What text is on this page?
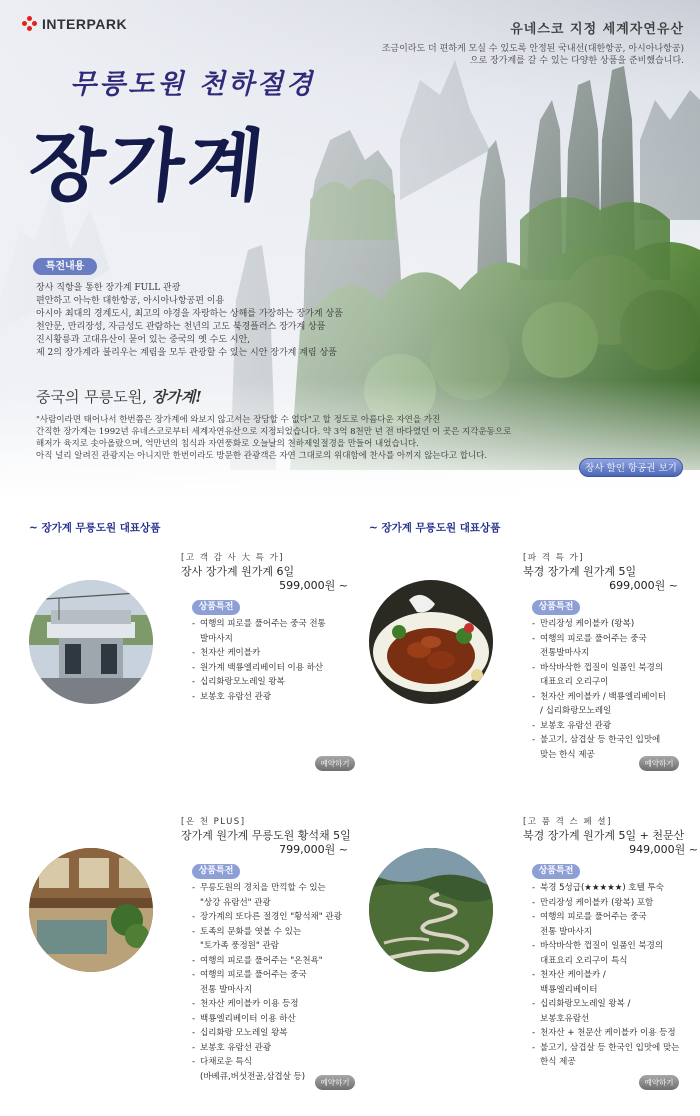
INTERPARK	유네스코 지정 세계자연유산
조금이라도 더 편하게 모실 수 있도록 안정된 국내선(대한항공, 아시아나항공)
으로 장가계를 갈 수 있는 다양한 상품을 준비했습니다.
무릉도원 천하절경
장가계
특전내용
장사 직항을 통한 장가계 FULL 관광
편안하고 아늑한 대한항공, 아시아나항공편 이용
아시아 최대의 경계도시, 최고의 야경을 자랑하는 상해를 가장하는 장가계 상품
천안문, 만리장성, 자금성도 관람하는 천년의 고도 북경플러스 장가계 상품
진시황릉과 고대유산이 묻어 있는 중국의 옛 수도 시안,
제 2의 장가계라 불리우는 계림을 모두 관광할 수 있는 시안 장가계 계림 상품
중국의 무릉도원, 장가계!

"사람이라면 태어나서 한번쯤은 장가계에 와보지 않고서는 장담할 수 없다"고 할 정도로 아름다운 자연을 가진

간직한 장가계는 1992년 유네스코로부터 세계자연유산으로 지정되었습니다. 약 3억 8천만 년 전 바다였던 이 곳은 지각운동으로

해저가 육지로 솟아올랐으며, 억만년의 침식과 자연풍화로 오늘날의 천하제일절경을 만들어 내었습니다.

아직 널리 알려진 관광지는 아니지만 한번이라도 방문한 관광객은 자연 그대로의 위대함에 찬사를 아끼지 않는다고 합니다.

장사 할인 항공권 보기
~ 장가계 무릉도원 대표상품	~ 장가계 무릉도원 대표상품
[고 객 감 사 大 특 가]
장사 장가계 원가계 6일
599,000원 ~
상품특전
- 여행의 피로를 풀어주는 중국 전통
발마사지
- 천자산 케이블카
- 원가계 백룡엘리베이터 이용 하산
- 십리화랑모노레일 왕복
- 보봉호 유람선 관광
예약하기
[파 격 특 가]
북경 장가계 원가계 5일
699,000원 ~
상품특전
- 만리장성 케이블카 (왕복)
- 여행의 피로를 풀어주는 중국
전통발마사지
- 바삭바삭한 껍질이 일품인 북경의
대표요리 오리구이
- 천자산 케이블카 / 백룡엘리베이터
/ 십리화랑모노레일
- 보봉호 유람선 관광
- 불고기, 삼겹살 등 한국인 입맛에
맞는 한식 제공
예약하기
[온 천 PLUS]
장가계 원가계 무릉도원 황석채 5일
799,000원 ~
상품특전
- 무릉도원의 경치을 만끽할 수 있는
"상강 유람선" 관광
- 장가계의 또다른 절경인 "황석채" 관광
- 토족의 문화를 엿볼 수 있는
"토가족 풍정원" 관람
- 여행의 피로를 풀어주는 "온천욕"
- 여행의 피로를 풀어주는 중국
전통 발마사지
- 천자산 케이블카 이용 등정
- 백룡엘리베이터 이용 하산
- 십리화랑 모노레일 왕복
- 보봉호 유람선 관광
- 다채로운 특식
(바베큐,버섯전골,삼겹살 등)
예약하기
[고 품 격 스 페 셜]
북경 장가계 원가계 5일 + 천문산
949,000원 ~
상품특전
- 북경 5성급(★★★★★) 호텔 투숙
- 만리장성 케이블카 (왕복) 포함
- 여행의 피로를 풀어주는 중국
전통 발마사지
- 바삭바삭한 껍질이 일품인 북경의
대표요리 오리구이 특식
- 천자산 케이블카 /
백룡엘리베이터
- 십리화랑모노레일 왕복 /
보봉호유람선
- 천자산 + 천문산 케이블카 이용 등정
- 불고기, 삼겹살 등 한국인 입맛에 맞는
한식 제공
예약하기
